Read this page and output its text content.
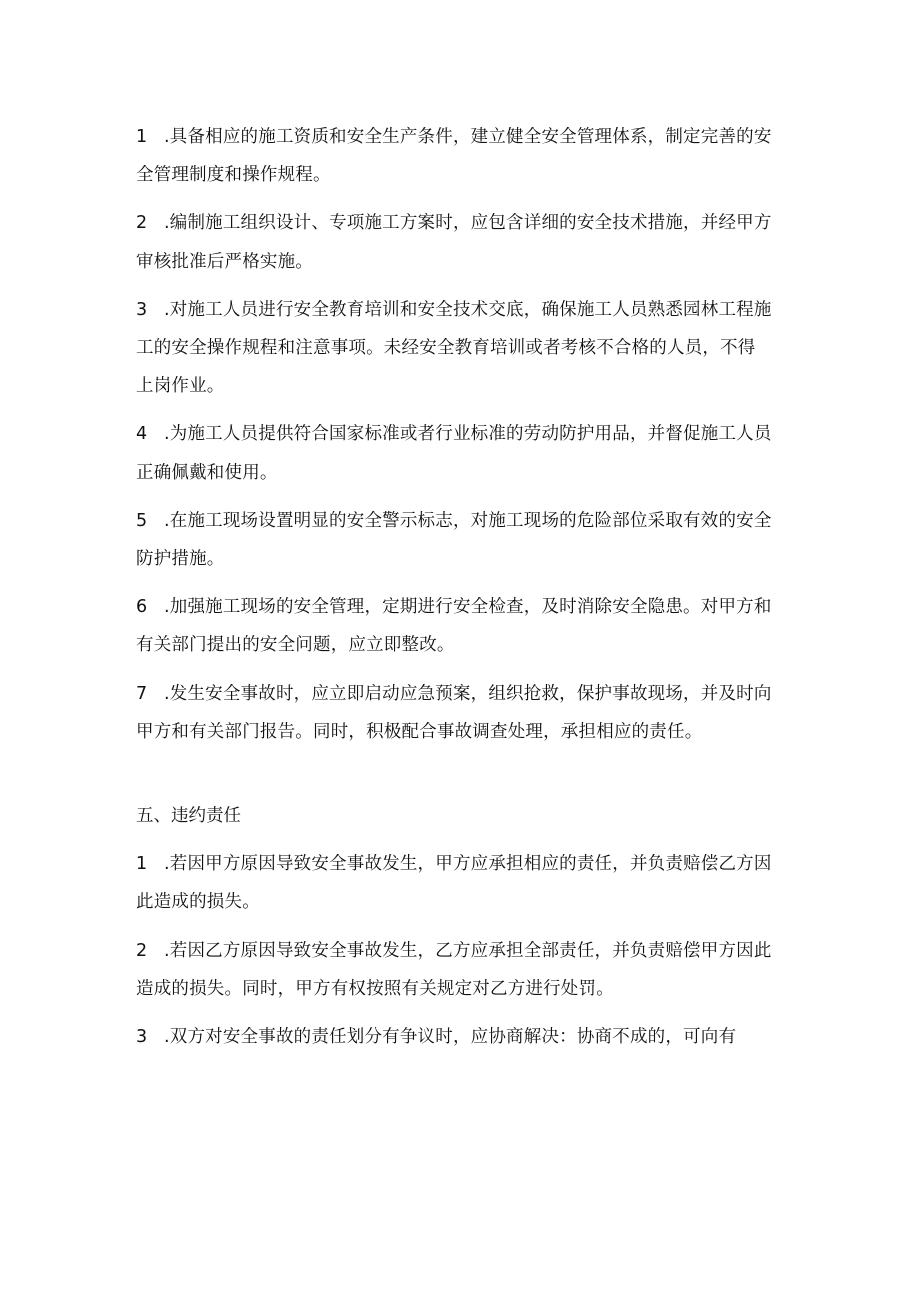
1 .具备相应的施工资质和安全生产条件，建立健全安全管理体系，制定完善的安全管理制度和操作规程。
2 .编制施工组织设计、专项施工方案时，应包含详细的安全技术措施，并经甲方审核批准后严格实施。
3 .对施工人员进行安全教育培训和安全技术交底，确保施工人员熟悉园林工程施工的安全操作规程和注意事项。未经安全教育培训或者考核不合格的人员，不得上岗作业。
4 .为施工人员提供符合国家标准或者行业标准的劳动防护用品，并督促施工人员正确佩戴和使用。
5 .在施工现场设置明显的安全警示标志，对施工现场的危险部位采取有效的安全防护措施。
6 .加强施工现场的安全管理，定期进行安全检查，及时消除安全隐患。对甲方和有关部门提出的安全问题，应立即整改。
7 .发生安全事故时，应立即启动应急预案，组织抢救，保护事故现场，并及时向甲方和有关部门报告。同时，积极配合事故调查处理，承担相应的责任。
五、违约责任
1 .若因甲方原因导致安全事故发生，甲方应承担相应的责任，并负责赔偿乙方因此造成的损失。
2 .若因乙方原因导致安全事故发生，乙方应承担全部责任，并负责赔偿甲方因此造成的损失。同时，甲方有权按照有关规定对乙方进行处罚。
3 .双方对安全事故的责任划分有争议时，应协商解决：协商不成的，可向有
